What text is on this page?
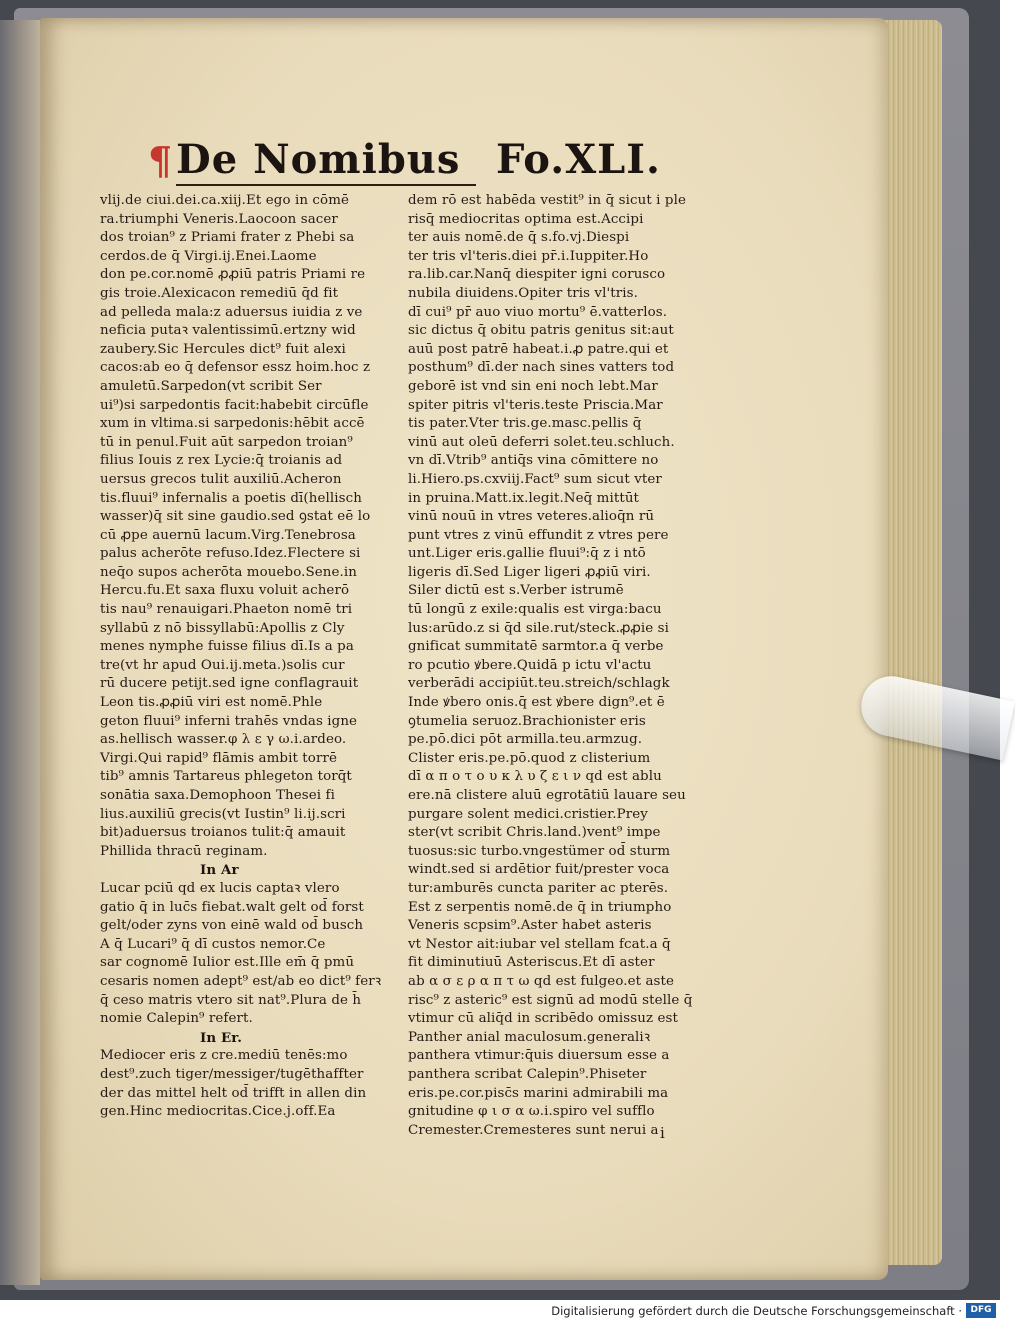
¶ De Nomibus Fo.XLI.
vlij.de ciui.dei.ca.xiij.Et ego in cōmē
ra.triumphi Veneris.Laocoon sacer
dos troian⁹ z Priami frater z Phebi sa
cerdos.de q̄ Virgi.ij.Enei.Laome
don pe.cor.nomē ꝓꝓiū patris Priami re
gis troie.Alexicacon remediū q̄d fit
ad pelleda mala:z aduersus iuidia z ve
neficia putaꝛ valentissimū.ertzny wid
zaubery.Sic Hercules dict⁹ fuit alexi
cacos:ab eo q̄ defensor essz hoim.hoc z
amuletū.Sarpedon(vt scribit Ser
ui⁹)si sarpedontis facit:habebit circūfle
xum in vltima.si sarpedonis:hēbit accē
tū in penul.Fuit aūt sarpedon troian⁹
filius Iouis z rex Lycie:q̄ troianis ad
uersus grecos tulit auxiliū.Acheron
tis.fluui⁹ infernalis a poetis dī(hellisch
wasser)q̄ sit sine gaudio.sed ꝯstat eē lo
cū ꝓpe auernū lacum.Virg.Tenebrosa
palus acherōte refuso.Idez.Flectere si
neq̄o supos acherōta mouebo.Sene.in
Hercu.fu.Et saxa fluxu voluit acherō
tis nau⁹ renauigari.Phaeton nomē tri
syllabū z nō bissyllabū:Apollis z Cly
menes nymphe fuisse filius dī.Is a pa
tre(vt hr apud Oui.ij.meta.)solis cur
rū ducere petijt.sed igne conflagrauit
Leon tis.ꝓꝓiū viri est nomē.Phle
geton fluui⁹ inferni trahēs vndas igne
as.hellisch wasser.φ λ ε γ ω.i.ardeo.
Virgi.Qui rapid⁹ flāmis ambit torrē
tib⁹ amnis Tartareus phlegeton torq̄t
sonātia saxa.Demophoon Thesei fi
lius.auxiliū grecis(vt Iustin⁹ li.ij.scri
bit)aduersus troianos tulit:q̄ amauit
Phillida thracū reginam.
In Ar
Lucar pciū qd ex lucis captaꝛ vlero
gatio q̄ in luc̄s fiebat.walt gelt od̄ forst
gelt/oder zyns von einē wald od̄ busch
A q̄ Lucari⁹ q̄ dī custos nemor.Ce
sar cognomē Iulior est.Ille em̄ q̄ pmū
cesaris nomen adept⁹ est/ab eo dict⁹ ferꝛ
q̄ ceso matris vtero sit nat⁹.Plura de h̄
nomie Calepin⁹ refert.
In Er.
Mediocer eris z cre.mediū tenēs:mo
dest⁹.zuch tiger/messiger/tugēthaffter
der das mittel helt od̄ trifft in allen din
gen.Hinc mediocritas.Cice.j.off.Ea
dem rō est habēda vestit⁹ in q̄ sicut i ple
risq̄ mediocritas optima est.Accipi
ter auis nomē.de q̄ s.fo.vj.Diespi
ter tris vl'teris.diei pr̄.i.Iuppiter.Ho
ra.lib.car.Nanq̄ diespiter igni corusco
nubila diuidens.Opiter tris vl'tris.
dī cui⁹ pr̄ auo viuo mortu⁹ ē.vatterlos.
sic dictus q̄ obitu patris genitus sit:aut
auū post patrē habeat.i.ꝓ patre.qui et
posthum⁹ dī.der nach sines vatters tod
geborē ist vnd sin eni noch lebt.Mar
spiter pitris vl'teris.teste Priscia.Mar
tis pater.Vter tris.ge.masc.pellis q̄
vinū aut oleū deferri solet.teu.schluch.
vn dī.Vtrib⁹ antiq̄s vina cōmittere no
li.Hiero.ps.cxviij.Fact⁹ sum sicut vter
in pruina.Matt.ix.legit.Neq̄ mittūt
vinū nouū in vtres veteres.alioq̄n rū
punt vtres z vinū effundit z vtres pere
unt.Liger eris.gallie fluui⁹:q̄ z i ntō
ligeris dī.Sed Liger ligeri ꝓꝓiū viri.
Siler dictū est s.Verber istrumē
tū longū z exile:qualis est virga:bacu
lus:arūdo.z si q̄d sile.rut/steck.ꝓꝓie si
gnificat summitatē sarmtor.a q̄ verbe
ro pcutio ꝟbere.Quidā p ictu vl'actu
verberādi accipiūt.teu.streich/schlagk
Inde ꝟbero onis.q̄ est ꝟbere dign⁹.et ē
ꝯtumelia seruoz.Brachionister eris
pe.pō.dici pōt armilla.teu.armzug.
Clister eris.pe.pō.quod z clisterium
dī α π ο τ ο υ κ λ υ ζ ε ι ν qd est ablu
ere.nā clistere aluū egrotātiū lauare seu
purgare solent medici.cristier.Prey
ster(vt scribit Chris.land.)vent⁹ impe
tuosus:sic turbo.vngestümer od̄ sturm
windt.sed si ardētior fuit/prester voca
tur:amburēs cuncta pariter ac pterēs.
Est z serpentis nomē.de q̄ in triumpho
Veneris scpsim⁹.Aster habet asteris
vt Nestor ait:iubar vel stellam fcat.a q̄
fit diminutiuū Asteriscus.Et dī aster
ab α σ ε ρ α π τ ω qd est fulgeo.et aste
risc⁹ z asteric⁹ est signū ad modū stelle q̄
vtimur cū aliq̄d in scribēdo omissuz est
Panther anial maculosum.generaliꝛ
panthera vtimur:q̄uis diuersum esse a
panthera scribat Calepin⁹.Phiseter
eris.pe.cor.pisc̄s marini admirabili ma
gnitudine φ ι σ α ω.i.spiro vel sufflo
Cremester.Cremesteres sunt nerui a i
Digitalisierung gefördert durch die Deutsche Forschungsgemeinschaft · DFG
